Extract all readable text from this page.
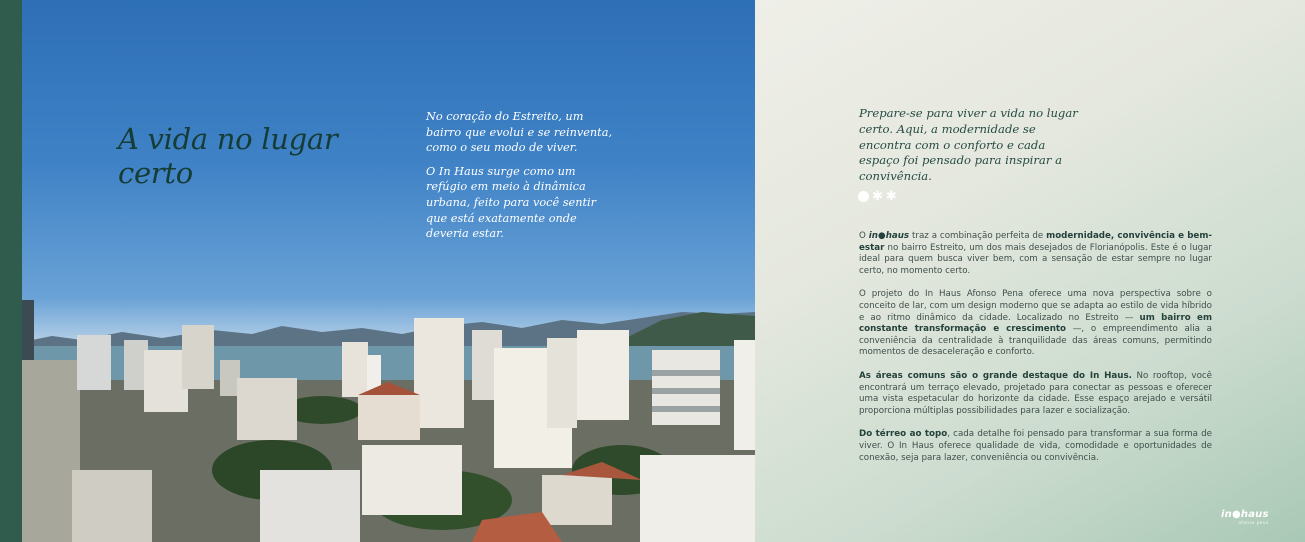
A vida no lugar certo

No coração do Estreito, um bairro que evolui e se reinventa, como o seu modo de viver.

O In Haus surge como um refúgio em meio à dinâmica urbana, feito para você sentir que está exatamente onde deveria estar.

Prepare-se para viver a vida no lugar certo. Aqui, a modernidade se encontra com o conforto e cada espaço foi pensado para inspirar a convivência.

✱ ✱

O in●haus traz a combinação perfeita de modernidade, convivência e bem-estar no bairro Estreito, um dos mais desejados de Florianópolis. Este é o lugar ideal para quem busca viver bem, com a sensação de estar sempre no lugar certo, no momento certo.

O projeto do In Haus Afonso Pena oferece uma nova perspectiva sobre o conceito de lar, com um design moderno que se adapta ao estilo de vida híbrido e ao ritmo dinâmico da cidade. Localizado no Estreito — um bairro em constante transformação e crescimento —, o empreendimento alia a conveniência da centralidade à tranquilidade das áreas comuns, permitindo momentos de desaceleração e conforto.

As áreas comuns são o grande destaque do In Haus. No rooftop, você encontrará um terraço elevado, projetado para conectar as pessoas e oferecer uma vista espetacular do horizonte da cidade. Esse espaço arejado e versátil proporciona múltiplas possibilidades para lazer e socialização.

Do térreo ao topo, cada detalhe foi pensado para transformar a sua forma de viver. O In Haus oferece qualidade de vida, comodidade e oportunidades de conexão, seja para lazer, conveniência ou convivência.

in●haus
afonso pena
